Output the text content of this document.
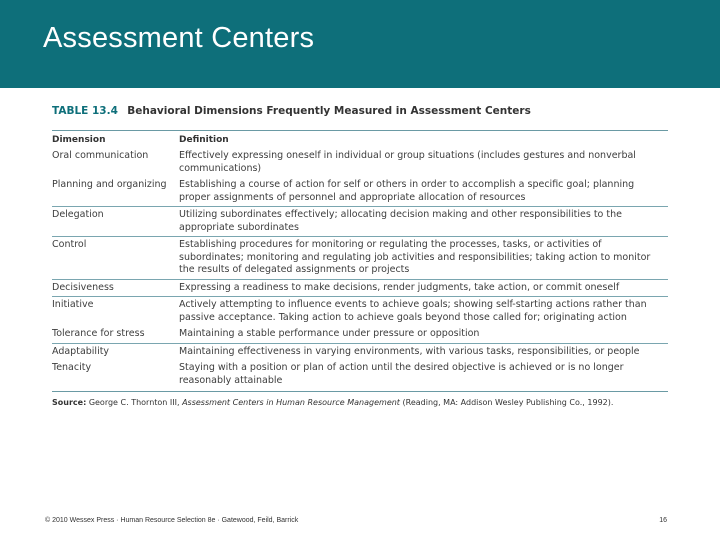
Assessment Centers
TABLE 13.4 Behavioral Dimensions Frequently Measured in Assessment Centers
Dimension	Definition
Oral communication	Effectively expressing oneself in individual or group situations (includes gestures and nonverbal communications)
Planning and organizing	Establishing a course of action for self or others in order to accomplish a specific goal; planning proper assignments of personnel and appropriate allocation of resources
Delegation	Utilizing subordinates effectively; allocating decision making and other responsibilities to the appropriate subordinates
Control	Establishing procedures for monitoring or regulating the processes, tasks, or activities of subordinates; monitoring and regulating job activities and responsibilities; taking action to monitor the results of delegated assignments or projects
Decisiveness	Expressing a readiness to make decisions, render judgments, take action, or commit oneself
Initiative	Actively attempting to influence events to achieve goals; showing self-starting actions rather than passive acceptance. Taking action to achieve goals beyond those called for; originating action
Tolerance for stress	Maintaining a stable performance under pressure or opposition
Adaptability	Maintaining effectiveness in varying environments, with various tasks, responsibilities, or people
Tenacity	Staying with a position or plan of action until the desired objective is achieved or is no longer reasonably attainable
Source: George C. Thornton III, Assessment Centers in Human Resource Management (Reading, MA: Addison Wesley Publishing Co., 1992).
© 2010 Wessex Press · Human Resource Selection 8e · Gatewood, Feild, Barrick	16
